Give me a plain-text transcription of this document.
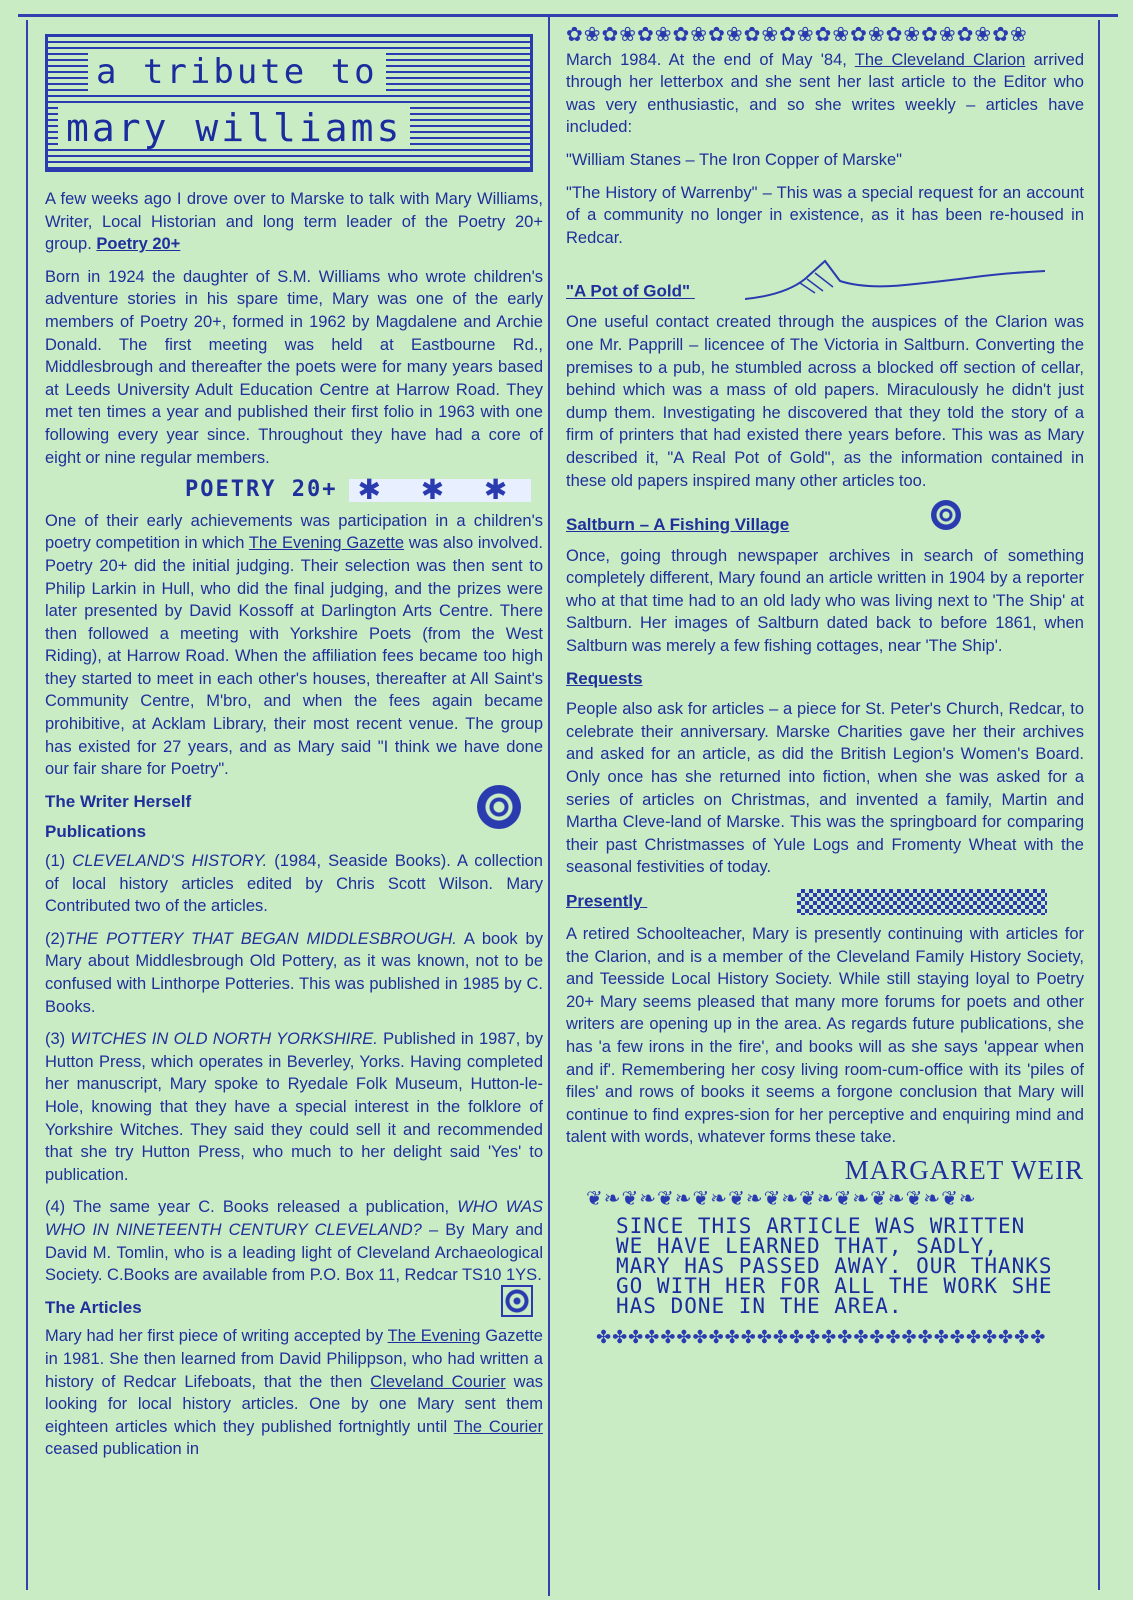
a tribute to
mary williams

A few weeks ago I drove over to Marske to talk with Mary Williams, Writer, Local Historian and long term leader of the Poetry 20+ group. Poetry 20+

Born in 1924 the daughter of S.M. Williams who wrote children's adventure stories in his spare time, Mary was one of the early members of Poetry 20+, formed in 1962 by Magdalene and Archie Donald. The first meeting was held at Eastbourne Rd., Middlesbrough and thereafter the poets were for many years based at Leeds University Adult Education Centre at Harrow Road. They met ten times a year and published their first folio in 1963 with one following every year since. Throughout they have had a core of eight or nine regular members.

POETRY 20+ ✱ ✱ ✱

One of their early achievements was participation in a children's poetry competition in which The Evening Gazette was also involved. Poetry 20+ did the initial judging. Their selection was then sent to Philip Larkin in Hull, who did the final judging, and the prizes were later presented by David Kossoff at Darlington Arts Centre. There then followed a meeting with Yorkshire Poets (from the West Riding), at Harrow Road. When the affiliation fees became too high they started to meet in each other's houses, thereafter at All Saint's Community Centre, M'bro, and when the fees again became prohibitive, at Acklam Library, their most recent venue. The group has existed for 27 years, and as Mary said "I think we have done our fair share for Poetry".

The Writer Herself
Publications

(1) CLEVELAND'S HISTORY. (1984, Seaside Books). A collection of local history articles edited by Chris Scott Wilson. Mary Contributed two of the articles.

(2)THE POTTERY THAT BEGAN MIDDLESBROUGH. A book by Mary about Middlesbrough Old Pottery, as it was known, not to be confused with Linthorpe Potteries. This was published in 1985 by C. Books.

(3) WITCHES IN OLD NORTH YORKSHIRE. Published in 1987, by Hutton Press, which operates in Beverley, Yorks. Having completed her manuscript, Mary spoke to Ryedale Folk Museum, Hutton-le-Hole, knowing that they have a special interest in the folklore of Yorkshire Witches. They said they could sell it and recommended that she try Hutton Press, who much to her delight said 'Yes' to publication.

(4) The same year C. Books released a publication, WHO WAS WHO IN NINETEENTH CENTURY CLEVELAND? – By Mary and David M. Tomlin, who is a leading light of Cleveland Archaeological Society. C.Books are available from P.O. Box 11, Redcar TS10 1YS.

The Articles

Mary had her first piece of writing accepted by The Evening Gazette in 1981. She then learned from David Philippson, who had written a history of Redcar Lifeboats, that the then Cleveland Courier was looking for local history articles. One by one Mary sent them eighteen articles which they published fortnightly until The Courier ceased publication in

✿❀✿❀✿❀✿❀✿❀✿❀✿❀✿❀✿❀✿❀✿❀✿❀✿❀

March 1984. At the end of May '84, The Cleveland Clarion arrived through her letterbox and she sent her last article to the Editor who was very enthusiastic, and so she writes weekly – articles have included:

"William Stanes – The Iron Copper of Marske"

"The History of Warrenby" – This was a special request for an account of a community no longer in existence, as it has been re-housed in Redcar.

"A Pot of Gold"

One useful contact created through the auspices of the Clarion was one Mr. Papprill – licencee of The Victoria in Saltburn. Converting the premises to a pub, he stumbled across a blocked off section of cellar, behind which was a mass of old papers. Miraculously he didn't just dump them. Investigating he discovered that they told the story of a firm of printers that had existed there years before. This was as Mary described it, "A Real Pot of Gold", as the information contained in these old papers inspired many other articles too.

Saltburn – A Fishing Village

Once, going through newspaper archives in search of something completely different, Mary found an article written in 1904 by a reporter who at that time had to an old lady who was living next to 'The Ship' at Saltburn. Her images of Saltburn dated back to before 1861, when Saltburn was merely a few fishing cottages, near 'The Ship'.

Requests

People also ask for articles – a piece for St. Peter's Church, Redcar, to celebrate their anniversary. Marske Charities gave her their archives and asked for an article, as did the British Legion's Women's Board. Only once has she returned into fiction, when she was asked for a series of articles on Christmas, and invented a family, Martin and Martha Cleve-land of Marske. This was the springboard for comparing their past Christmasses of Yule Logs and Fromenty Wheat with the seasonal festivities of today.

Presently

A retired Schoolteacher, Mary is presently continuing with articles for the Clarion, and is a member of the Cleveland Family History Society, and Teesside Local History Society. While still staying loyal to Poetry 20+ Mary seems pleased that many more forums for poets and other writers are opening up in the area. As regards future publications, she has 'a few irons in the fire', and books will as she says 'appear when and if'. Remembering her cosy living room-cum-office with its 'piles of files' and rows of books it seems a forgone conclusion that Mary will continue to find expres-sion for her perceptive and enquiring mind and talent with words, whatever forms these take.

MARGARET WEIR
❦❧❦❧❦❧❦❧❦❧❦❧❦❧❦❧❦❧❦❧❦❧
SINCE THIS ARTICLE WAS WRITTEN WE HAVE LEARNED THAT, SADLY, MARY HAS PASSED AWAY. OUR THANKS GO WITH HER FOR ALL THE WORK SHE HAS DONE IN THE AREA.
✤✤✤✤✤✤✤✤✤✤✤✤✤✤✤✤✤✤✤✤✤✤✤✤✤✤✤✤
